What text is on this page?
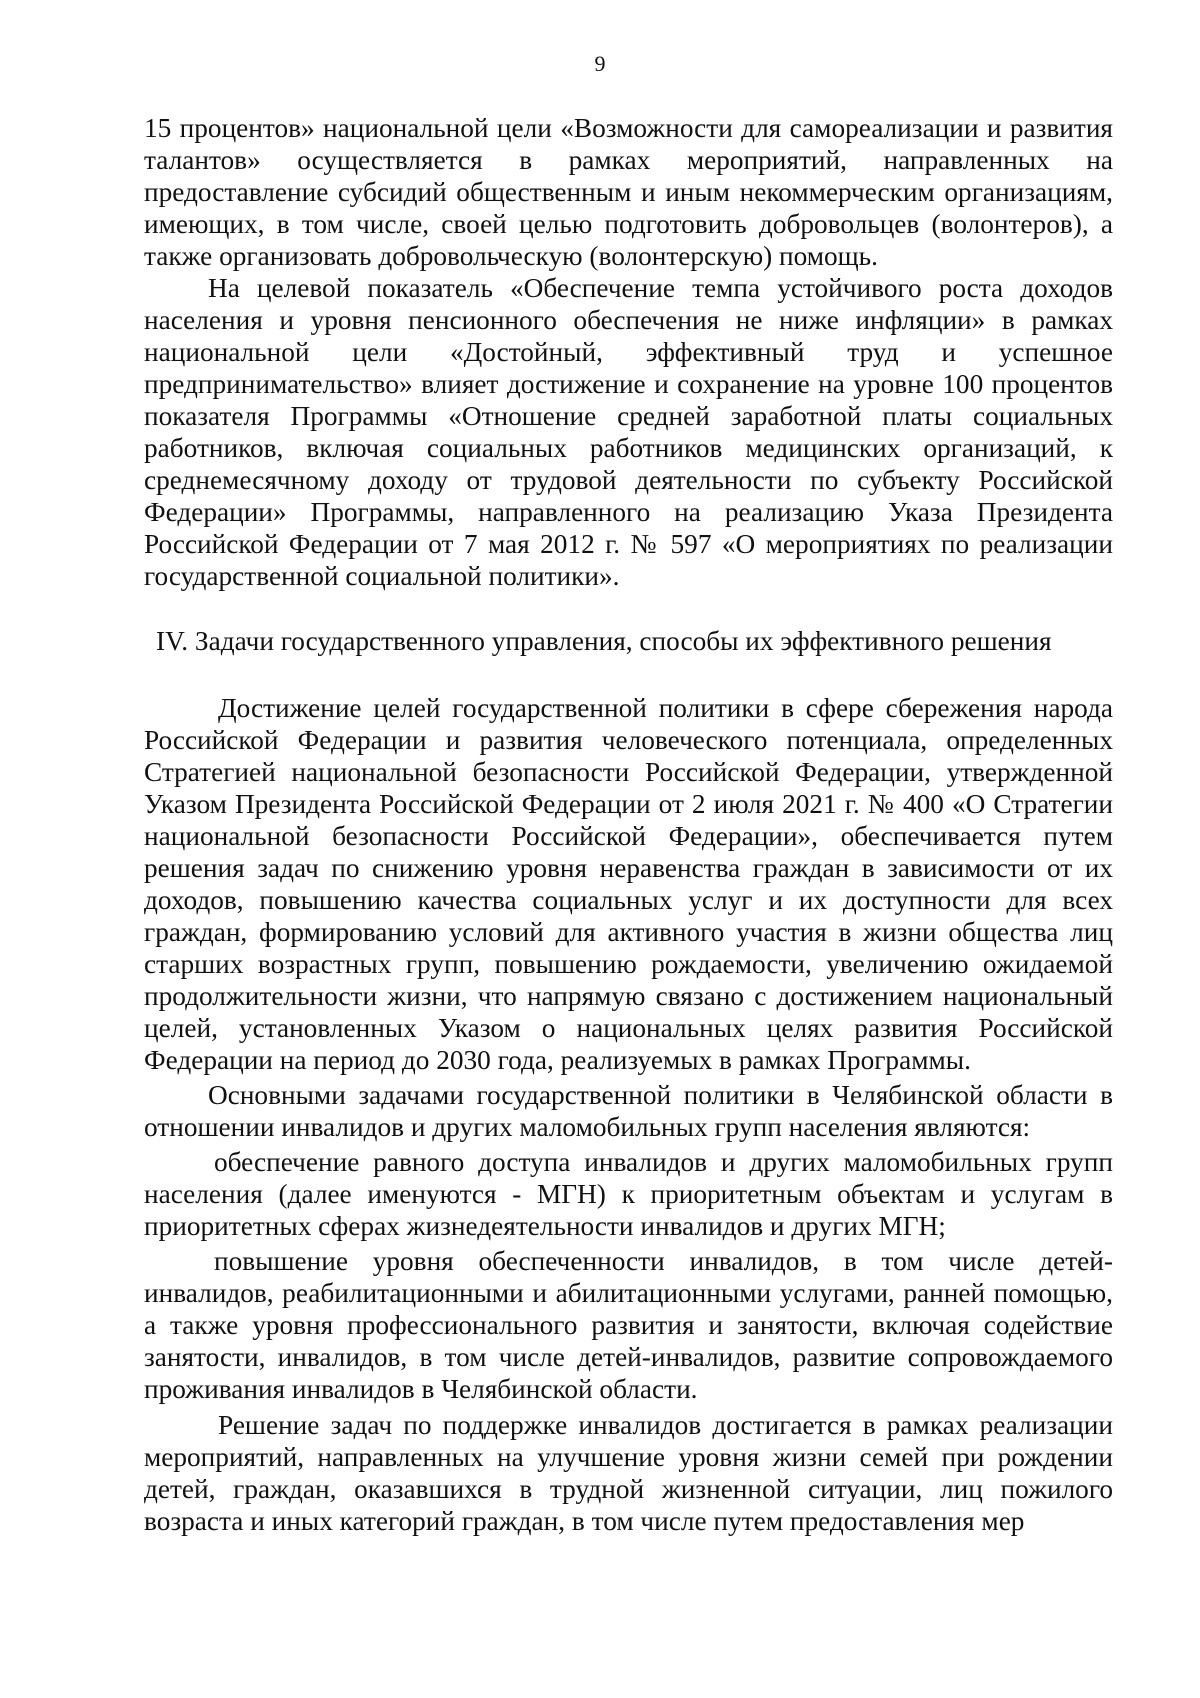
9

15 процентов» национальной цели «Возможности для самореализации и развития талантов» осуществляется в рамках мероприятий, направленных на предоставление субсидий общественным и иным некоммерческим организациям, имеющих, в том числе, своей целью подготовить добровольцев (волонтеров), а также организовать добровольческую (волонтерскую) помощь.

На целевой показатель «Обеспечение темпа устойчивого роста доходов населения и уровня пенсионного обеспечения не ниже инфляции» в рамках национальной цели «Достойный, эффективный труд и успешное предпринимательство» влияет достижение и сохранение на уровне 100 процентов показателя Программы «Отношение средней заработной платы социальных работников, включая социальных работников медицинских организаций, к среднемесячному доходу от трудовой деятельности по субъекту Российской Федерации» Программы, направленного на реализацию Указа Президента Российской Федерации от 7 мая 2012 г. № 597 «О мероприятиях по реализации государственной социальной политики».

IV. Задачи государственного управления, способы их эффективного решения

Достижение целей государственной политики в сфере сбережения народа Российской Федерации и развития человеческого потенциала, определенных Стратегией национальной безопасности Российской Федерации, утвержденной Указом Президента Российской Федерации от 2 июля 2021 г. № 400 «О Стратегии национальной безопасности Российской Федерации», обеспечивается путем решения задач по снижению уровня неравенства граждан в зависимости от их доходов, повышению качества социальных услуг и их доступности для всех граждан, формированию условий для активного участия в жизни общества лиц старших возрастных групп, повышению рождаемости, увеличению ожидаемой продолжительности жизни, что напрямую связано с достижением национальный целей, установленных Указом о национальных целях развития Российской Федерации на период до 2030 года, реализуемых в рамках Программы.

Основными задачами государственной политики в Челябинской области в отношении инвалидов и других маломобильных групп населения являются:

обеспечение равного доступа инвалидов и других маломобильных групп населения (далее именуются - МГН) к приоритетным объектам и услугам в приоритетных сферах жизнедеятельности инвалидов и других МГН;

повышение уровня обеспеченности инвалидов, в том числе детей-инвалидов, реабилитационными и абилитационными услугами, ранней помощью, а также уровня профессионального развития и занятости, включая содействие занятости, инвалидов, в том числе детей-инвалидов, развитие сопровождаемого проживания инвалидов в Челябинской области.

Решение задач по поддержке инвалидов достигается в рамках реализации мероприятий, направленных на улучшение уровня жизни семей при рождении детей, граждан, оказавшихся в трудной жизненной ситуации, лиц пожилого возраста и иных категорий граждан, в том числе путем предоставления мер
